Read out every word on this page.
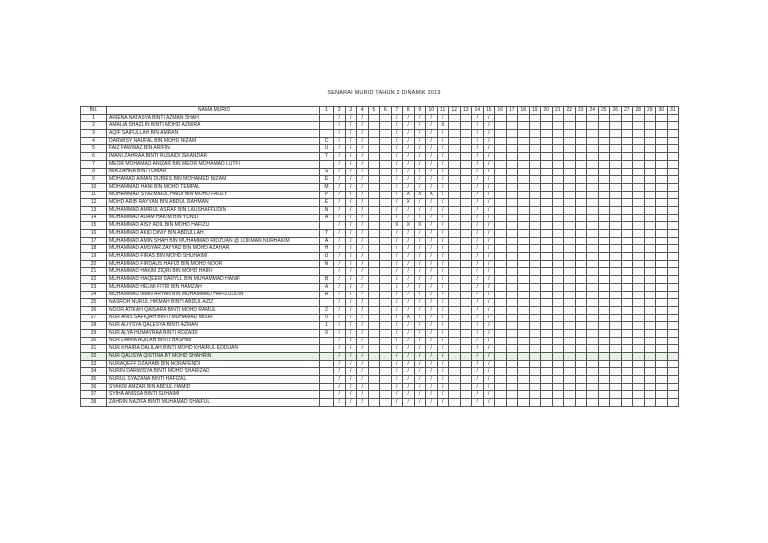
SENARAI MURID TAHUN 2 DINAMIK 2019
BIL	NAMA MURID	1	2	3	4	5	6	7	8	9	10	11	12	13	14	15	16	17	18	19	20	21	22	23	24	25	26	27	28	29	30	31
1	ARIENA NATASYA BINTI AZMAN SHAH		/	/	/			/	/	/	/	/			/	/																
2	AMALIA SHAZLIN BINTI MOHD AZMIRA		/	/	/			/	/	/	/	X			/	/																
3	AQIF SAIFULLAH BIN AMRAN		/	/	/			/	/	/	/	/			/	/																
4	DARWISY NAUFAL BIN MOHD NIZAM	C	/	/	/			/	/	/	/	/			/	/																
5	FAIZ FAWWAZ BIN ARIFIN	U	/	/	/			/	/	/	/	/			/	/																
6	IMANI ZAHRAA BINTI RUSAIDI ISKANDAR	T	/	/	/			/	/	/	/	/			/	/																
7	MEOR MOHAMAD ANIZAR BIN MEOR MOHAMAD LUTFI		/	/	/			/	/	/	/	/			/	/																
8	MIA ZAHRA BINTI OMAR	S	/	/	/			/	/	/	/	/			/	/																
9	MOHAMAD AIMAN DUBIES BIN MOHAMED NIZAM	E	/	/	/			/	/	/	/	/			/	/																
10	MOHAMMAD HANI BIN MOHD TEMPAL	M	/	/	/			/	/	/	/	/			/	/																
11	MOHAMMAD SYAZMIRUL HAIDI BIN MOHD FAUZY	P	/	/	/			/	X	X	X	/			/	/																
12	MOHD ARIB RAYYAN BIN ABDUL RAHMAN	E	/	/	/			/	X	/	/	/			/	/																
13	MUHAMMAD AMIRUL ASRAF BIN LAUSHAFFUDIN	N	/	/	/			/	/	/	/	/			/	/																
14	MUHAMMAD ADAM HAKIM BIN YUNID	A	/	/	/			/	/	/	/	/			/	/																
15	MUHAMMAD AISY ADIL BIN MOHD HAFIZU		/	/	/			X	X	X	/	/			/	/																
16	MUHAMMAD AKID DINIY BIN ABDULLAH	T	/	/	/			/	/	/	/	/			/	/																
17	MUHAMMAD AMIN SHAH BIN MUHAMMAD RIDZUAN @ LOKMAN NURHAKIM	A	/	/	/			/	/	/	/	/			/	/																
18	MUHAMMAD AMSYAR ZAYYAD BIN MOHD AZAHAR	H	/	/	/			/	/	/	/	/			/	/																
19	MUHAMMAD FIRAS BIN MOHD SHUHAIMI	U	/	/	/			/	/	/	/	/			/	/																
20	MUHAMMAD FIRDAUS HAFIZI BIN MOHD NOOR	N	/	/	/			/	/	/	/	/			/	/																
21	MUHAMMAD HAKIM ZIQRI BIN MOHD HAIRI		/	/	/			/	/	/	/	/			/	/																
22	MUHAMMAD HAQEEM DARYLL BIN MUHAMMAD HANIF	B	/	/	/			/	/	/	/	/			/	/																
23	MUHAMMAD HELMI FITRI BIN HAMZAH	A	/	/	/			/	/	/	/	/			/	/																
24	MUHAMMAD IMAN ARYAN BIN MUHAMMAD HAFIZUDDIN	R	/	/	/			/	/	/	/	/			/	/																
25	NASROH NURUL HIKMAH BINTI ABDUL AZIZ		/	/	/			/	/	/	/	/			/	/																
26	NOOR ATIKAH QAISARA BINTI MOHD RAMLE	2	/	/	/			/	/	/	/	/			/	/																
27	NUR ANIS SAFIQAH BINTI MUHAMAD MISRI	0	/	/	/			/	X	/	/	/			/	/																
28	NUR ALIYSYA QALESYA BINTI AZMAN	1	/	/	/			/	/	/	/	/			/	/																
29	NUR ALYA HUMAYRAA BINTI ROZAIDI	9	/	/	/			/	/	/	/	/			/	/																
30	NUR DAMIA AQILAH BINTI HASHIM		/	/	/			/	/	/	/	/			/	/																
31	NUR KHAIRA DALILAH BINTI MOHD KHAIRUL EDDUAN		/	/	/			/	/	/	/	/			/	/																
32	NUR QALISYA QISTINA BT MOHD SHAHRIN		/	/	/			/	/	/	/	/			/	/																
33	NURAQEFF DZAHABI BIN NORAFENDI		/	/	/			/	/	/	/	/			/	/																
34	NURIN DARWISYA BINTI MOHD SHARIZAD		/	/	/			/	/	/	/	/			/	/																
35	NURUL SYAZANA BINTI HAFIZAL		/	/	/			/	/	/	/	/			/	/																
36	SYAKIR AMZAR BIN ABDUL HAMID		/	/	/			/	/	/	/	/			/	/																
37	SYIHA ANISSA BINTI SUHAIMI		/	/	/			/	/	/	/	/			/	/																
38	ZAHRIN NAZIFA BINTI MUHAMAD SHAIFUL		/	/	/			/	/	/	/	/			/	/																
